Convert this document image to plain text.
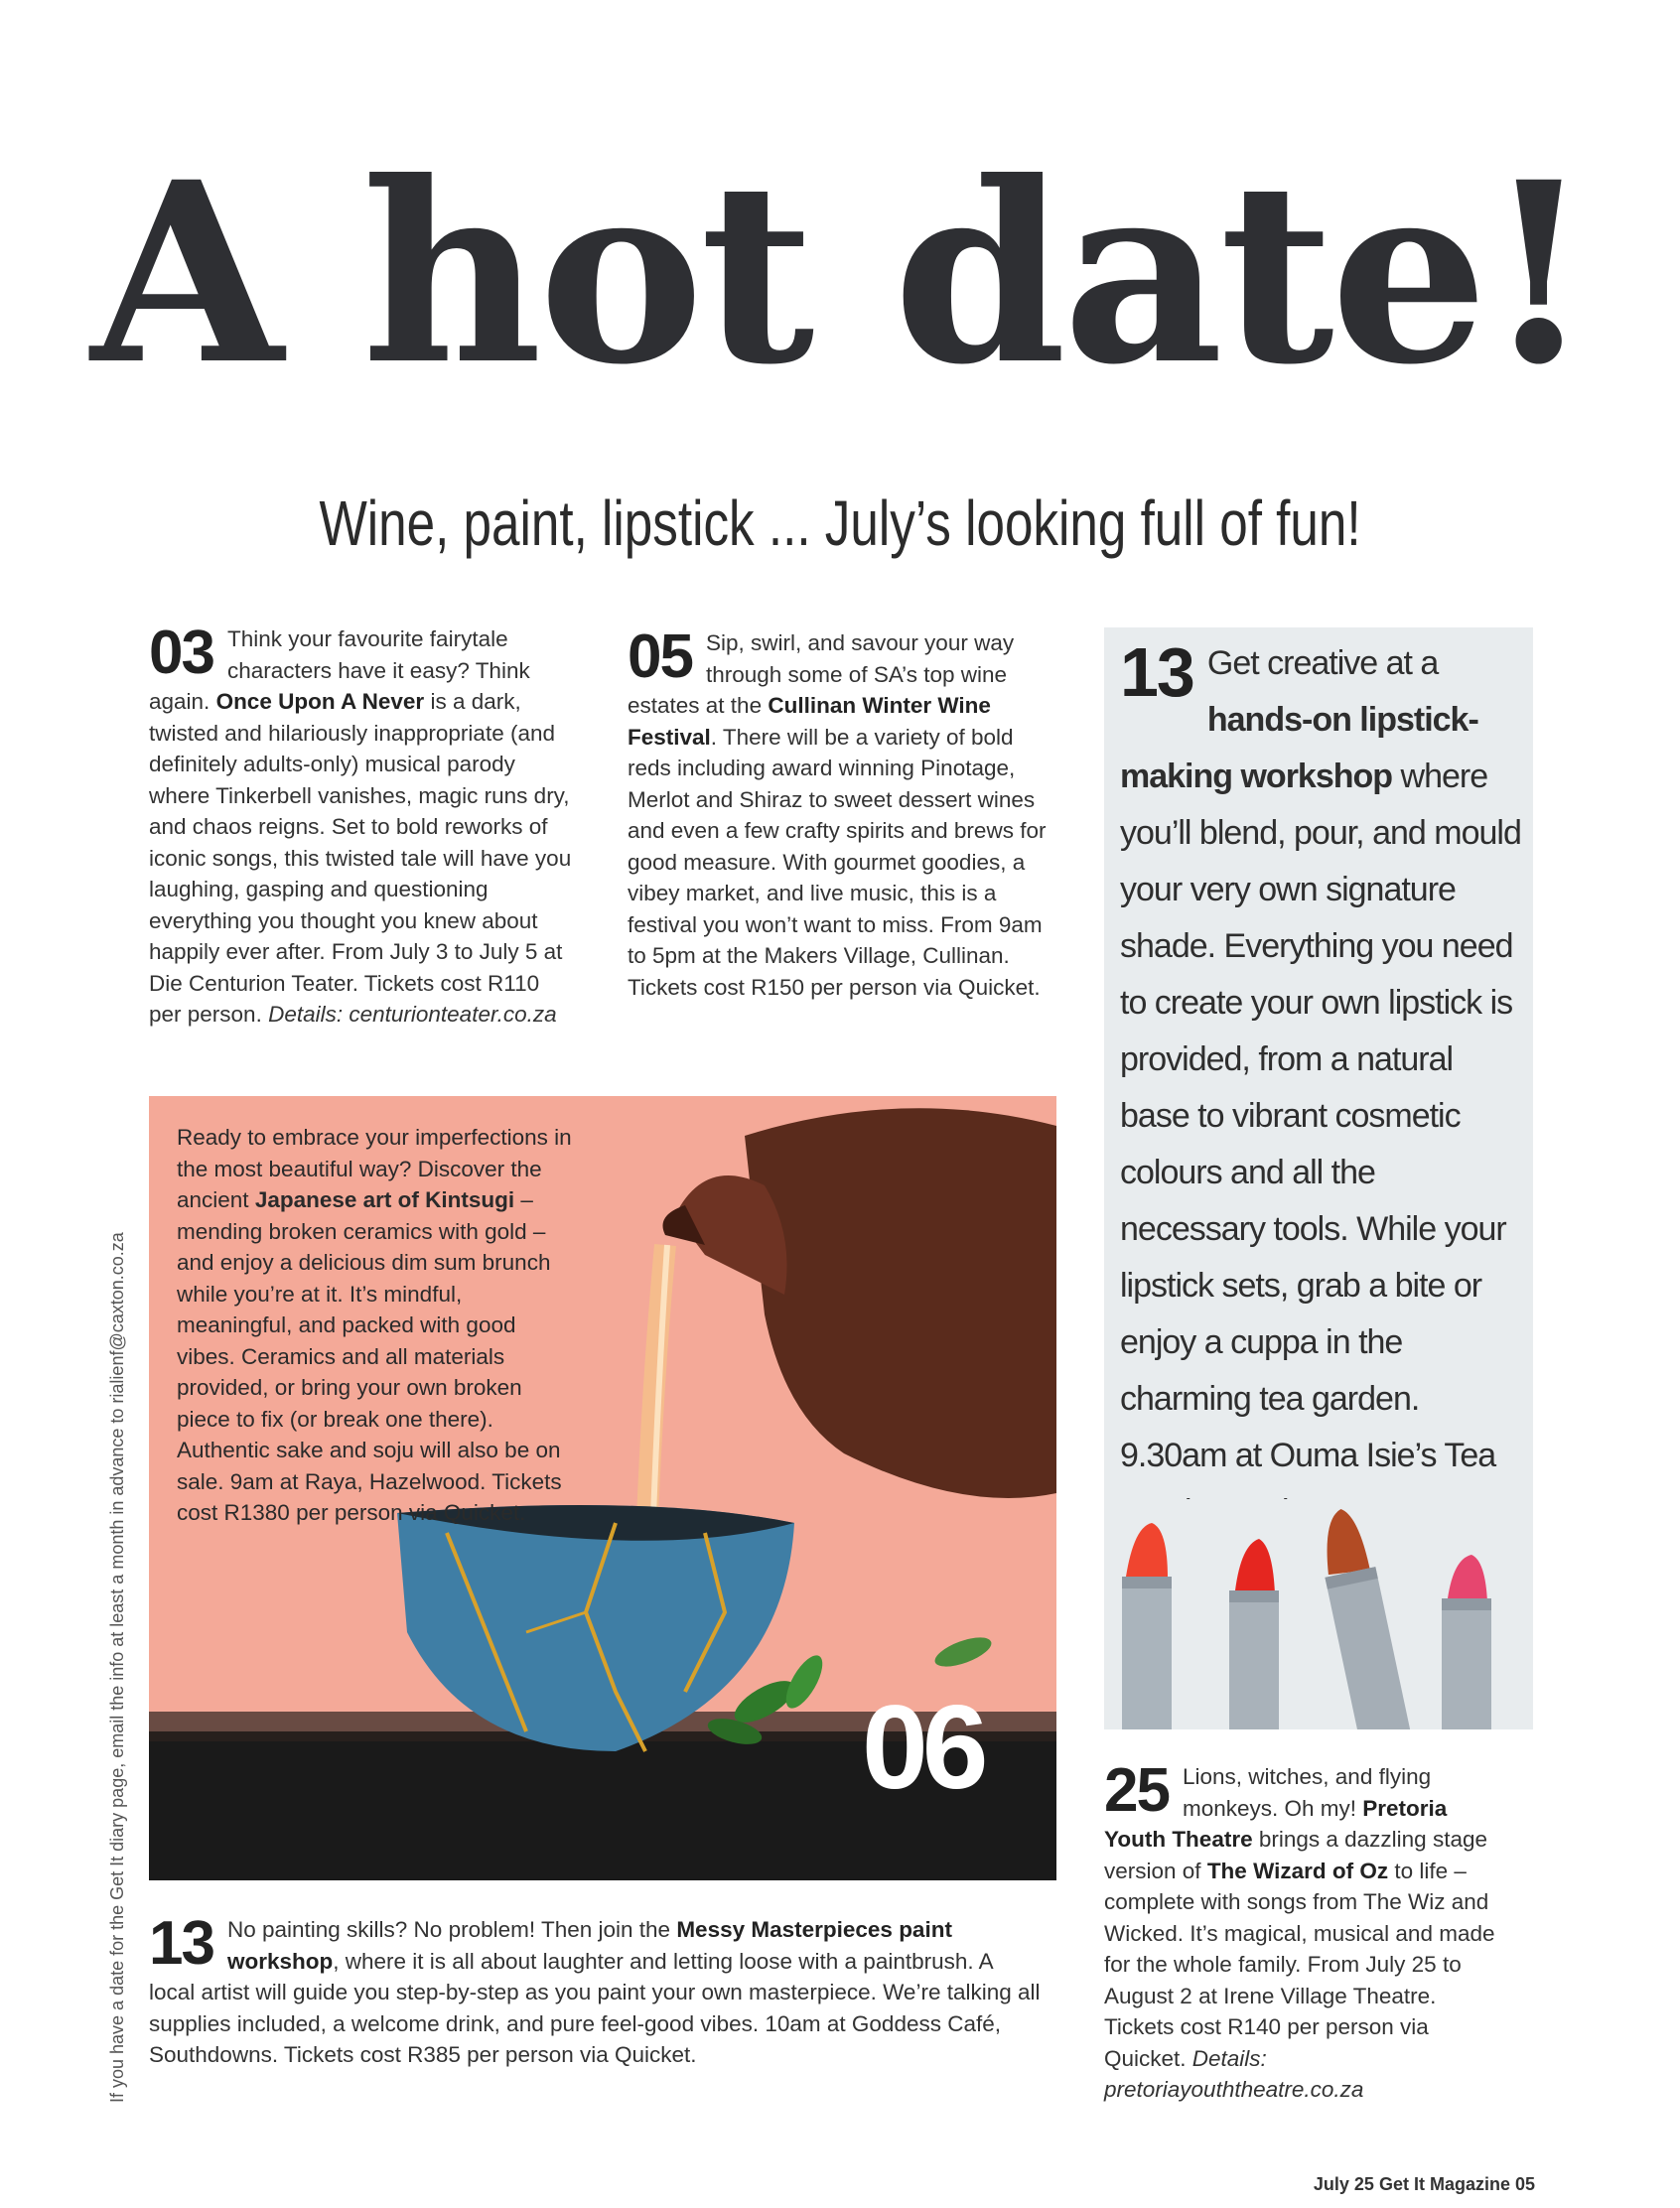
A hot date!
Wine, paint, lipstick ... July’s looking full of fun!
03 Think your favourite fairytale characters have it easy? Think again. Once Upon A Never is a dark, twisted and hilariously inappropriate (and definitely adults-only) musical parody where Tinkerbell vanishes, magic runs dry, and chaos reigns. Set to bold reworks of iconic songs, this twisted tale will have you laughing, gasping and questioning everything you thought you knew about happily ever after. From July 3 to July 5 at Die Centurion Teater. Tickets cost R110 per person. Details: centurionteater.co.za
05 Sip, swirl, and savour your way through some of SA’s top wine estates at the Cullinan Winter Wine Festival. There will be a variety of bold reds including award winning Pinotage, Merlot and Shiraz to sweet dessert wines and even a few crafty spirits and brews for good measure. With gourmet goodies, a vibey market, and live music, this is a festival you won’t want to miss. From 9am to 5pm at the Makers Village, Cullinan. Tickets cost R150 per person via Quicket.
13 Get creative at a hands-on lipstick-making workshop where you’ll blend, pour, and mould your very own signature shade. Everything you need to create your own lipstick is provided, from a natural base to vibrant cosmetic colours and all the necessary tools. While your lipstick sets, grab a bite or enjoy a cuppa in the charming tea garden. 9.30am at Ouma Isie’s Tea
Ready to embrace your imperfections in the most beautiful way? Discover the ancient Japanese art of Kintsugi – mending broken ceramics with gold – and enjoy a delicious dim sum brunch while you’re at it. It’s mindful, meaningful, and packed with good vibes. Ceramics and all materials provided, or bring your own broken piece to fix (or break one there). Authentic sake and soju will also be on sale. 9am at Raya, Hazelwood. Tickets cost R1380 per person via Quicket.
06
13 No painting skills? No problem! Then join the Messy Masterpieces paint workshop, where it is all about laughter and letting loose with a paintbrush. A local artist will guide you step-by-step as you paint your own masterpiece. We’re talking all supplies included, a welcome drink, and pure feel-good vibes. 10am at Goddess Café, Southdowns. Tickets cost R385 per person via Quicket.
25 Lions, witches, and flying monkeys. Oh my! Pretoria Youth Theatre brings a dazzling stage version of The Wizard of Oz to life – complete with songs from The Wiz and Wicked. It’s magical, musical and made for the whole family. From July 25 to August 2 at Irene Village Theatre. Tickets cost R140 per person via Quicket. Details: pretoriayouththeatre.co.za
If you have a date for the Get It diary page, email the info at least a month in advance to rialienf@caxton.co.za
July 25 Get It Magazine 05
